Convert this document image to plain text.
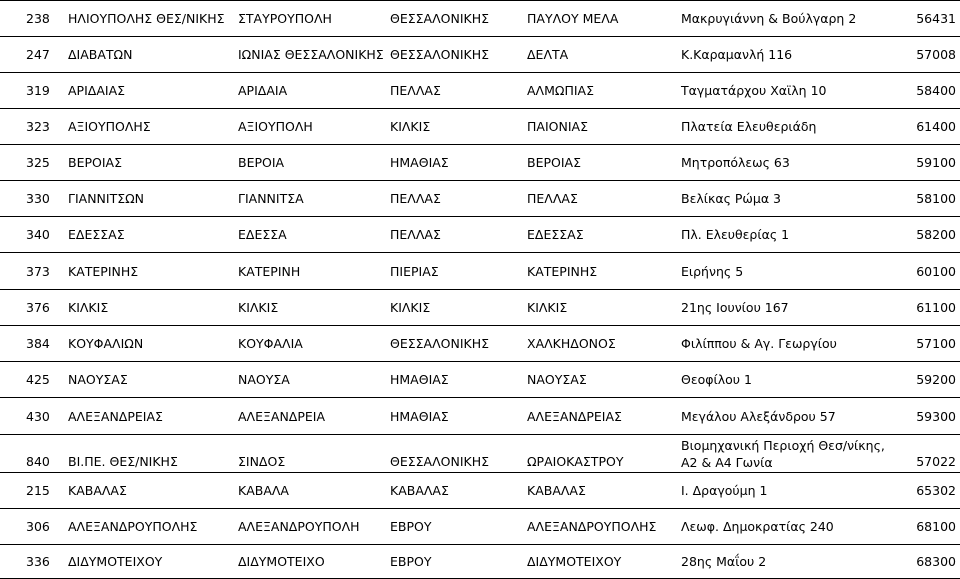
238	ΗΛΙΟΥΠΟΛΗΣ ΘΕΣ/ΝΙΚΗΣ	ΣΤΑΥΡΟΥΠΟΛΗ	ΘΕΣΣΑΛΟΝΙΚΗΣ	ΠΑΥΛΟΥ ΜΕΛΑ	Μακρυγιάννη & Βούλγαρη 2	56431
247	ΔΙΑΒΑΤΩΝ	ΙΩΝΙΑΣ ΘΕΣΣΑΛΟΝΙΚΗΣ	ΘΕΣΣΑΛΟΝΙΚΗΣ	ΔΕΛΤΑ	Κ.Καραμανλή 116	57008
319	ΑΡΙΔΑΙΑΣ	ΑΡΙΔΑΙΑ	ΠΕΛΛΑΣ	ΑΛΜΩΠΙΑΣ	Ταγματάρχου Χαϊλη 10	58400
323	ΑΞΙΟΥΠΟΛΗΣ	ΑΞΙΟΥΠΟΛΗ	ΚΙΛΚΙΣ	ΠΑΙΟΝΙΑΣ	Πλατεία Ελευθεριάδη	61400
325	ΒΕΡΟΙΑΣ	ΒΕΡΟΙΑ	ΗΜΑΘΙΑΣ	ΒΕΡΟΙΑΣ	Μητροπόλεως 63	59100
330	ΓΙΑΝΝΙΤΣΩΝ	ΓΙΑΝΝΙΤΣΑ	ΠΕΛΛΑΣ	ΠΕΛΛΑΣ	Βελίκας Ρώμα 3	58100
340	ΕΔΕΣΣΑΣ	ΕΔΕΣΣΑ	ΠΕΛΛΑΣ	ΕΔΕΣΣΑΣ	Πλ. Ελευθερίας 1	58200
373	ΚΑΤΕΡΙΝΗΣ	ΚΑΤΕΡΙΝΗ	ΠΙΕΡΙΑΣ	ΚΑΤΕΡΙΝΗΣ	Ειρήνης 5	60100
376	ΚΙΛΚΙΣ	ΚΙΛΚΙΣ	ΚΙΛΚΙΣ	ΚΙΛΚΙΣ	21ης Ιουνίου 167	61100
384	ΚΟΥΦΑΛΙΩΝ	ΚΟΥΦΑΛΙΑ	ΘΕΣΣΑΛΟΝΙΚΗΣ	ΧΑΛΚΗΔΟΝΟΣ	Φιλίππου & Αγ. Γεωργίου	57100
425	ΝΑΟΥΣΑΣ	ΝΑΟΥΣΑ	ΗΜΑΘΙΑΣ	ΝΑΟΥΣΑΣ	Θεοφίλου 1	59200
430	ΑΛΕΞΑΝΔΡΕΙΑΣ	ΑΛΕΞΑΝΔΡΕΙΑ	ΗΜΑΘΙΑΣ	ΑΛΕΞΑΝΔΡΕΙΑΣ	Μεγάλου Αλεξάνδρου 57	59300
840	ΒΙ.ΠΕ. ΘΕΣ/ΝΙΚΗΣ	ΣΙΝΔΟΣ	ΘΕΣΣΑΛΟΝΙΚΗΣ	ΩΡΑΙΟΚΑΣΤΡΟΥ	Βιομηχανική Περιοχή Θεσ/νίκης, Α2 & Α4 Γωνία	57022
215	ΚΑΒΑΛΑΣ	ΚΑΒΑΛΑ	ΚΑΒΑΛΑΣ	ΚΑΒΑΛΑΣ	Ι. Δραγούμη 1	65302
306	ΑΛΕΞΑΝΔΡΟΥΠΟΛΗΣ	ΑΛΕΞΑΝΔΡΟΥΠΟΛΗ	ΕΒΡΟΥ	ΑΛΕΞΑΝΔΡΟΥΠΟΛΗΣ	Λεωφ. Δημοκρατίας 240	68100
336	ΔΙΔΥΜΟΤΕΙΧΟΥ	ΔΙΔΥΜΟΤΕΙΧΟ	ΕΒΡΟΥ	ΔΙΔΥΜΟΤΕΙΧΟΥ	28ης Μαΐου 2	68300
